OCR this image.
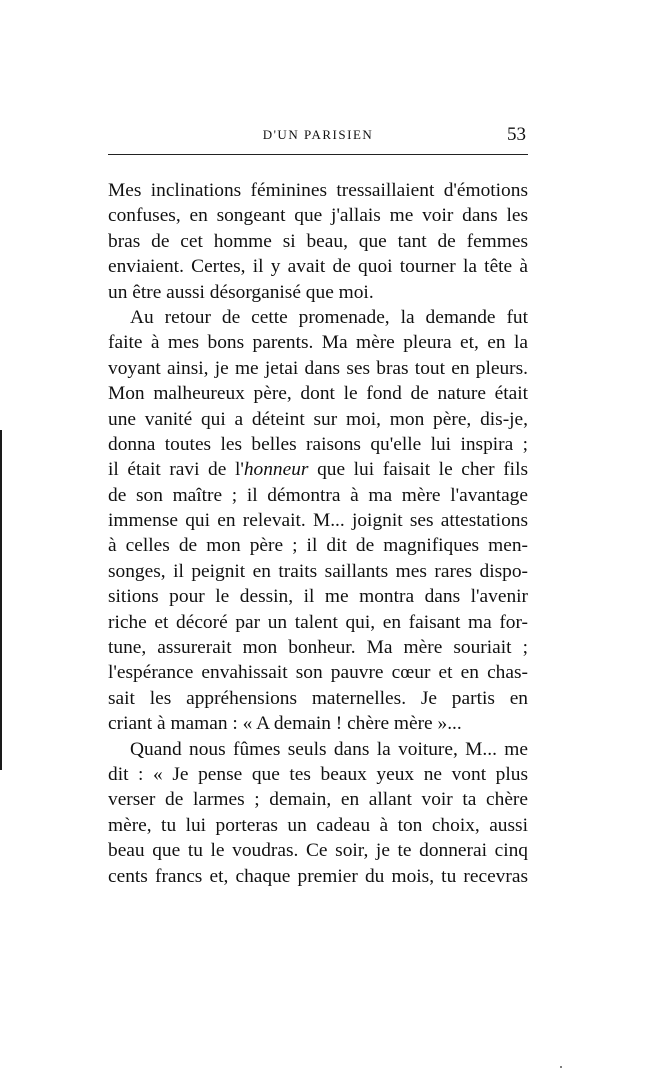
D'UN PARISIEN	53
Mes inclinations féminines tressaillaient d'émotions
confuses, en songeant que j'allais me voir dans les
bras de cet homme si beau, que tant de femmes
enviaient. Certes, il y avait de quoi tourner la tête à
un être aussi désorganisé que moi.
Au retour de cette promenade, la demande fut
faite à mes bons parents. Ma mère pleura et, en la
voyant ainsi, je me jetai dans ses bras tout en pleurs.
Mon malheureux père, dont le fond de nature était
une vanité qui a déteint sur moi, mon père, dis-je,
donna toutes les belles raisons qu'elle lui inspira ;
il était ravi de l'honneur que lui faisait le cher fils
de son maître ; il démontra à ma mère l'avantage
immense qui en relevait. M... joignit ses attestations
à celles de mon père ; il dit de magnifiques men-
songes, il peignit en traits saillants mes rares dispo-
sitions pour le dessin, il me montra dans l'avenir
riche et décoré par un talent qui, en faisant ma for-
tune, assurerait mon bonheur. Ma mère souriait ;
l'espérance envahissait son pauvre cœur et en chas-
sait les appréhensions maternelles. Je partis en
criant à maman : « A demain ! chère mère »...
Quand nous fûmes seuls dans la voiture, M... me
dit : « Je pense que tes beaux yeux ne vont plus
verser de larmes ; demain, en allant voir ta chère
mère, tu lui porteras un cadeau à ton choix, aussi
beau que tu le voudras. Ce soir, je te donnerai cinq
cents francs et, chaque premier du mois, tu recevras
